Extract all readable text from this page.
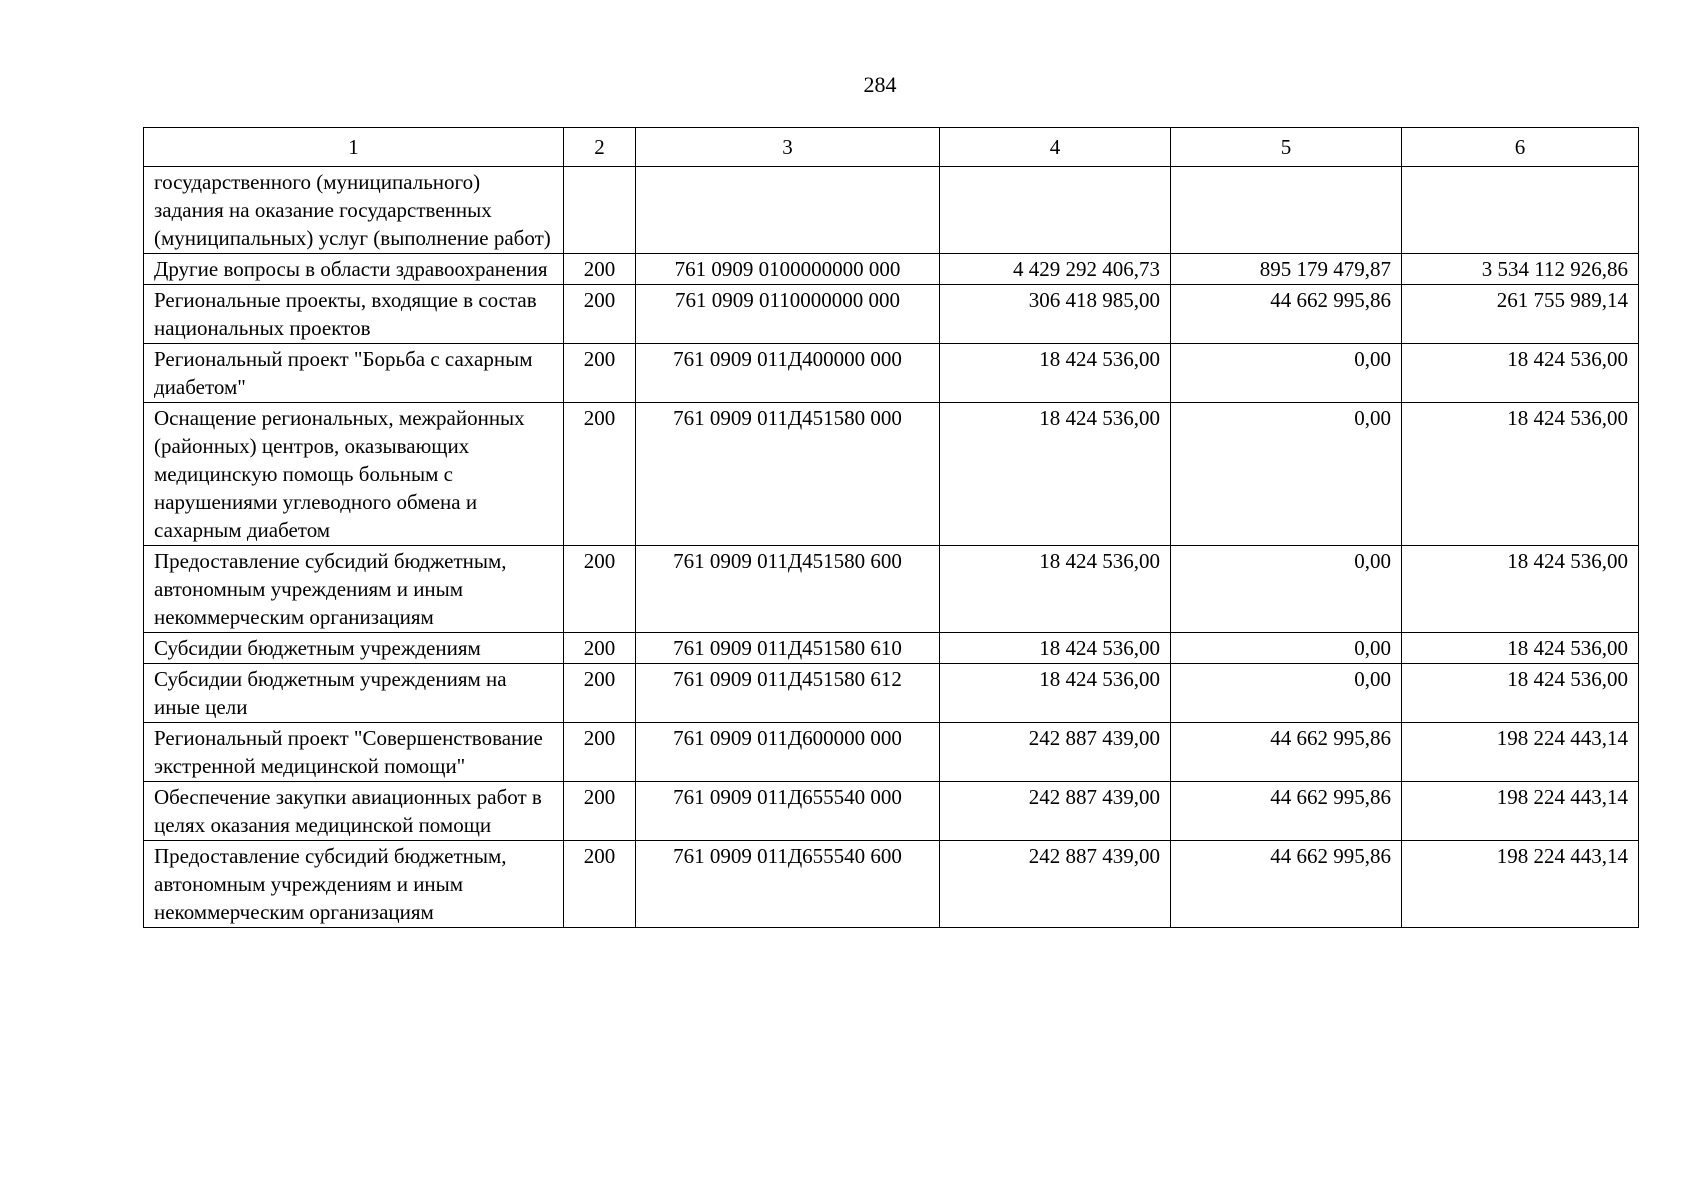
284
1	2	3	4	5	6
государственного (муниципального) задания на оказание государственных (муниципальных) услуг (выполнение работ)					
Другие вопросы в области здравоохранения	200	761 0909 0100000000 000	4 429 292 406,73	895 179 479,87	3 534 112 926,86
Региональные проекты, входящие в состав национальных проектов	200	761 0909 0110000000 000	306 418 985,00	44 662 995,86	261 755 989,14
Региональный проект "Борьба с сахарным диабетом"	200	761 0909 011Д400000 000	18 424 536,00	0,00	18 424 536,00
Оснащение региональных, межрайонных (районных) центров, оказывающих медицинскую помощь больным с нарушениями углеводного обмена и сахарным диабетом	200	761 0909 011Д451580 000	18 424 536,00	0,00	18 424 536,00
Предоставление субсидий бюджетным, автономным учреждениям и иным некоммерческим организациям	200	761 0909 011Д451580 600	18 424 536,00	0,00	18 424 536,00
Субсидии бюджетным учреждениям	200	761 0909 011Д451580 610	18 424 536,00	0,00	18 424 536,00
Субсидии бюджетным учреждениям на иные цели	200	761 0909 011Д451580 612	18 424 536,00	0,00	18 424 536,00
Региональный проект "Совершенствование экстренной медицинской помощи"	200	761 0909 011Д600000 000	242 887 439,00	44 662 995,86	198 224 443,14
Обеспечение закупки авиационных работ в целях оказания медицинской помощи	200	761 0909 011Д655540 000	242 887 439,00	44 662 995,86	198 224 443,14
Предоставление субсидий бюджетным, автономным учреждениям и иным некоммерческим организациям	200	761 0909 011Д655540 600	242 887 439,00	44 662 995,86	198 224 443,14
